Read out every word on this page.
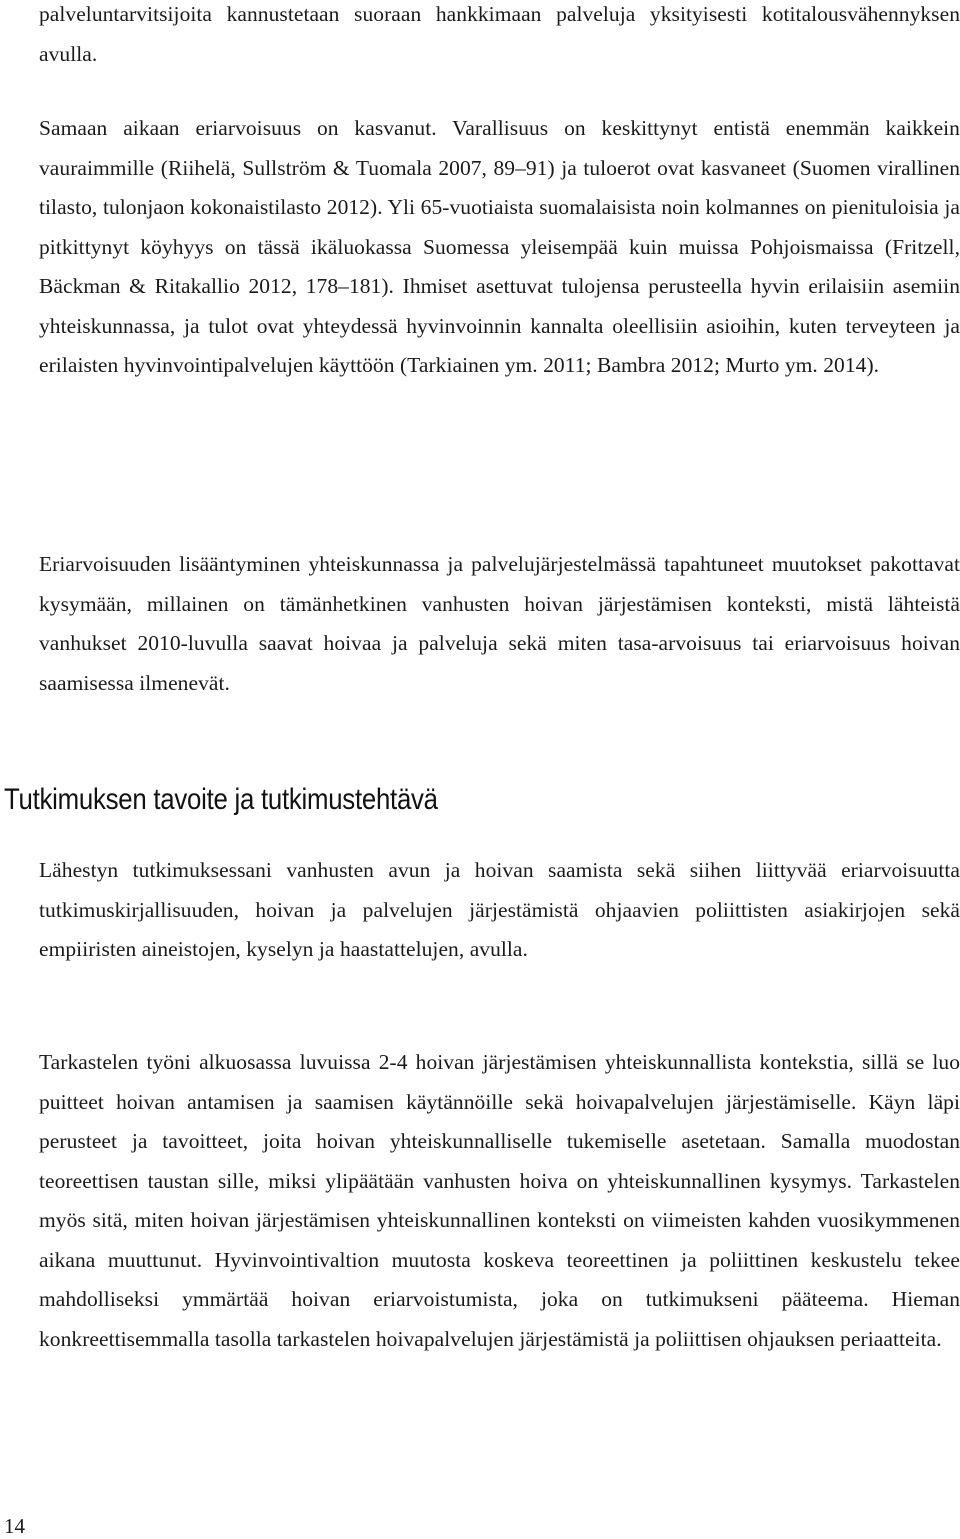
palveluntarvitsijoita kannustetaan suoraan hankkimaan palveluja yksityisesti kotitalousvähennyksen avulla.

Samaan aikaan eriarvoisuus on kasvanut. Varallisuus on keskittynyt entistä enemmän kaikkein vauraimmille (Riihelä, Sullström & Tuomala 2007, 89–91) ja tuloerot ovat kasvaneet (Suomen virallinen tilasto, tulonjaon kokonaistilasto 2012). Yli 65-vuotiaista suomalaisista noin kolmannes on pienituloisia ja pitkittynyt köyhyys on tässä ikäluokassa Suomessa yleisempää kuin muissa Pohjoismaissa (Fritzell, Bäckman & Ritakallio 2012, 178–181). Ihmiset asettuvat tulojensa perusteella hyvin erilaisiin asemiin yhteiskunnassa, ja tulot ovat yhteydessä hyvinvoinnin kannalta oleellisiin asioihin, kuten terveyteen ja erilaisten hyvinvointipalvelujen käyttöön (Tarkiainen ym. 2011; Bambra 2012; Murto ym. 2014).

Eriarvoisuuden lisääntyminen yhteiskunnassa ja palvelujärjestelmässä tapahtuneet muutokset pakottavat kysymään, millainen on tämänhetkinen vanhusten hoivan järjestämisen konteksti, mistä lähteistä vanhukset 2010-luvulla saavat hoivaa ja palveluja sekä miten tasa-arvoisuus tai eriarvoisuus hoivan saamisessa ilmenevät.

Tutkimuksen tavoite ja tutkimustehtävä

Lähestyn tutkimuksessani vanhusten avun ja hoivan saamista sekä siihen liittyvää eriarvoisuutta tutkimuskirjallisuuden, hoivan ja palvelujen järjestämistä ohjaavien poliittisten asiakirjojen sekä empiiristen aineistojen, kyselyn ja haastattelujen, avulla.

Tarkastelen työni alkuosassa luvuissa 2-4 hoivan järjestämisen yhteiskunnallista kontekstia, sillä se luo puitteet hoivan antamisen ja saamisen käytännöille sekä hoivapalvelujen järjestämiselle. Käyn läpi perusteet ja tavoitteet, joita hoivan yhteiskunnalliselle tukemiselle asetetaan. Samalla muodostan teoreettisen taustan sille, miksi ylipäätään vanhusten hoiva on yhteiskunnallinen kysymys. Tarkastelen myös sitä, miten hoivan järjestämisen yhteiskunnallinen konteksti on viimeisten kahden vuosikymmenen aikana muuttunut. Hyvinvointivaltion muutosta koskeva teoreettinen ja poliittinen keskustelu tekee mahdolliseksi ymmärtää hoivan eriarvoistumista, joka on tutkimukseni pääteema. Hieman konkreettisemmalla tasolla tarkastelen hoivapalvelujen järjestämistä ja poliittisen ohjauksen periaatteita.

14
